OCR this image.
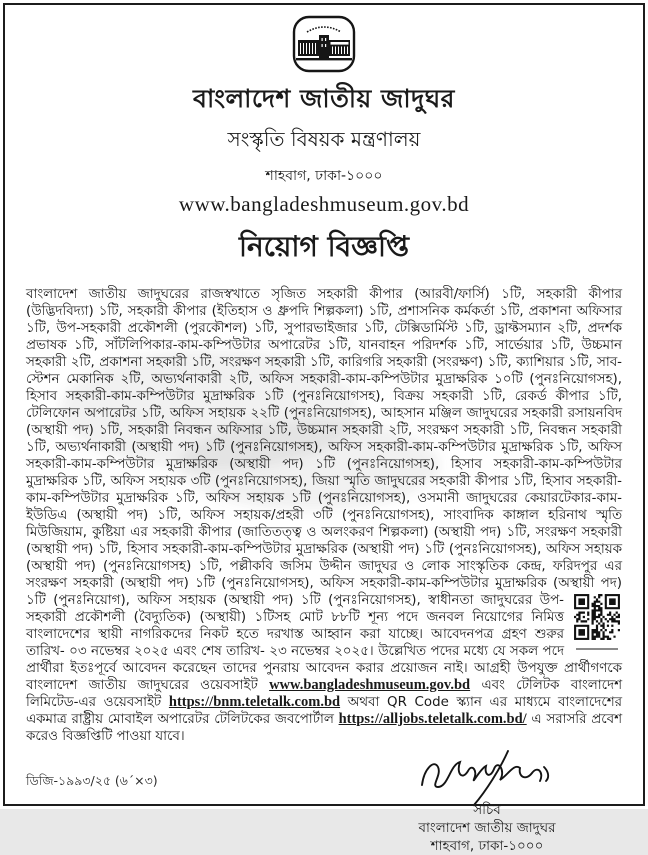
বাংলাদেশ জাতীয় জাদুঘর
সংস্কৃতি বিষয়ক মন্ত্রণালয়
শাহবাগ, ঢাকা-১০০০
www.bangladeshmuseum.gov.bd
নিয়োগ বিজ্ঞপ্তি
বাংলাদেশ জাতীয় জাদুঘরের রাজস্বখাতে সৃজিত সহকারী কীপার (আরবী/ফার্সি) ১টি, সহকারী কীপার (উদ্ভিদবিদ্যা) ১টি, সহকারী কীপার (ইতিহাস ও ধ্রুপদি শিল্পকলা) ১টি, প্রশাসনিক কর্মকর্তা ১টি, প্রকাশনা অফিসার ১টি, উপ-সহকারী প্রকৌশলী (পুরকৌশল) ১টি, সুপারভাইজার ১টি, টেক্সিডার্মিস্ট ১টি, ড্রাফ্টসম্যান ২টি, প্রদর্শক প্রভাষক ১টি, সাঁটলিপিকার-কাম-কম্পিউটার অপারেটর ১টি, যানবাহন পরিদর্শক ১টি, সার্ভেয়ার ১টি, উচ্চমান সহকারী ২টি, প্রকাশনা সহকারী ১টি, সংরক্ষণ সহকারী ১টি, কারিগরি সহকারী (সংরক্ষণ) ১টি, ক্যাশিয়ার ১টি, সাব-স্টেশন মেকানিক ২টি, অভ্যর্থনাকারী ২টি, অফিস সহকারী-কাম-কম্পিউটার মুদ্রাক্ষরিক ১০টি (পুনঃনিয়োগসহ), হিসাব সহকারী-কাম-কম্পিউটার মুদ্রাক্ষরিক ১টি (পুনঃনিয়োগসহ), বিক্রয় সহকারী ১টি, রেকর্ড কীপার ১টি, টেলিফোন অপারেটর ১টি, অফিস সহায়ক ২২টি (পুনঃনিয়োগসহ), আহসান মঞ্জিল জাদুঘরের সহকারী রসায়নবিদ (অস্থায়ী পদ) ১টি, সহকারী নিবন্ধন অফিসার ১টি, উচ্চমান সহকারী ২টি, সংরক্ষণ সহকারী ১টি, নিবন্ধন সহকারী ১টি, অভ্যর্থনাকারী (অস্থায়ী পদ) ১টি (পুনঃনিয়োগসহ), অফিস সহকারী-কাম-কম্পিউটার মুদ্রাক্ষরিক ১টি, অফিস সহকারী-কাম-কম্পিউটার মুদ্রাক্ষরিক (অস্থায়ী পদ) ১টি (পুনঃনিয়োগসহ), হিসাব সহকারী-কাম-কম্পিউটার মুদ্রাক্ষরিক ১টি, অফিস সহায়ক ৩টি (পুনঃনিয়োগসহ), জিয়া স্মৃতি জাদুঘরের সহকারী কীপার ১টি, হিসাব সহকারী-কাম-কম্পিউটার মুদ্রাক্ষরিক ১টি, অফিস সহায়ক ১টি (পুনঃনিয়োগসহ), ওসমানী জাদুঘরের কেয়ারটেকার-কাম-ইউডিএ (অস্থায়ী পদ) ১টি, অফিস সহায়ক/প্রহরী ৩টি (পুনঃনিয়োগসহ), সাংবাদিক কাঙ্গাল হরিনাথ স্মৃতি মিউজিয়াম, কুষ্টিয়া এর সহকারী কীপার (জাতিতত্ত্ব ও অলংকরণ শিল্পকলা) (অস্থায়ী পদ) ১টি, সংরক্ষণ সহকারী (অস্থায়ী পদ) ১টি, হিসাব সহকারী-কাম-কম্পিউটার মুদ্রাক্ষরিক (অস্থায়ী পদ) ১টি (পুনঃনিয়োগসহ), অফিস সহায়ক (অস্থায়ী পদ) (পুনঃনিয়োগসহ) ১টি, পল্লীকবি জসিম উদ্দীন জাদুঘর ও লোক সাংস্কৃতিক কেন্দ্র, ফরিদপুর এর সংরক্ষণ সহকারী (অস্থায়ী পদ) ১টি (পুনঃনিয়োগসহ), অফিস সহকারী-কাম-কম্পিউটার মুদ্রাক্ষরিক (অস্থায়ী পদ) ১টি (পুনঃনিয়োগ), অফিস সহায়ক (অস্থায়ী পদ) ১টি
(পুনঃনিয়োগসহ), স্বাধীনতা জাদুঘরের উপ-সহকারী প্রকৌশলী (বৈদ্যুতিক) (অস্থায়ী) ১টিসহ মোট ৮৮টি শূন্য পদে জনবল নিয়োগের নিমিত্ত বাংলাদেশের স্থায়ী নাগরিকদের নিকট হতে দরখাস্ত আহ্বান করা যাচ্ছে। আবেদনপত্র গ্রহণ শুরুর তারিখ- ০৩ নভেম্বর ২০২৫ এবং শেষ তারিখ- ২৩ নভেম্বর ২০২৫। উল্লেখিত পদের মধ্যে যে সকল পদে প্রার্থীরা ইতঃপূর্বে আবেদন করেছেন তাদের পুনরায় আবেদন করার প্রয়োজন নাই। আগ্রহী উপযুক্ত প্রার্থীগণকে বাংলাদেশ জাতীয় জাদুঘরের ওয়েবসাইট www.bangladeshmuseum.gov.bd এবং টেলিটক বাংলাদেশ লিমিটেড-এর ওয়েবসাইট https://bnm.teletalk.com.bd অথবা QR Code স্ক্যান এর মাধ্যমে বাংলাদেশের একমাত্র রাষ্ট্রীয় মোবাইল অপারেটর টেলিটকের জবপোর্টাল https://alljobs.teletalk.com.bd/ এ সরাসরি প্রবেশ করেও বিজ্ঞপ্তিটি পাওয়া যাবে।
সচিব
বাংলাদেশ জাতীয় জাদুঘর
শাহবাগ, ঢাকা-১০০০
ডিজি-১৯৯৩/২৫ (৬´×৩)
